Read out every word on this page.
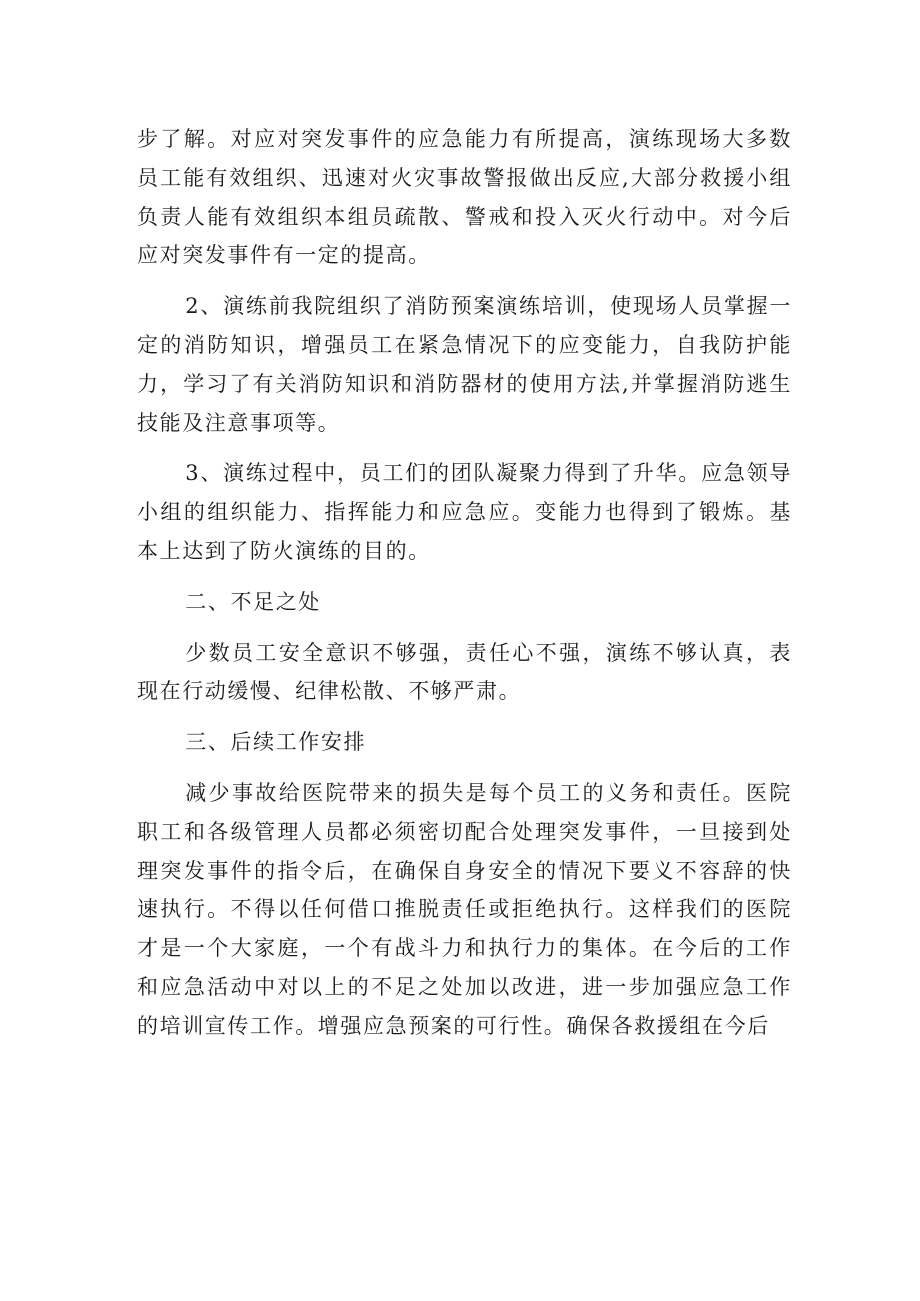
步了解。对应对突发事件的应急能力有所提高，演练现场大多数员工能有效组织、迅速对火灾事故警报做出反应,大部分救援小组负责人能有效组织本组员疏散、警戒和投入灭火行动中。对今后应对突发事件有一定的提高。

2、演练前我院组织了消防预案演练培训，使现场人员掌握一定的消防知识，增强员工在紧急情况下的应变能力，自我防护能力，学习了有关消防知识和消防器材的使用方法,并掌握消防逃生技能及注意事项等。

3、演练过程中，员工们的团队凝聚力得到了升华。应急领导小组的组织能力、指挥能力和应急应。变能力也得到了锻炼。基本上达到了防火演练的目的。

二、不足之处

少数员工安全意识不够强，责任心不强，演练不够认真，表现在行动缓慢、纪律松散、不够严肃。

三、后续工作安排

减少事故给医院带来的损失是每个员工的义务和责任。医院职工和各级管理人员都必须密切配合处理突发事件，一旦接到处理突发事件的指令后，在确保自身安全的情况下要义不容辞的快速执行。不得以任何借口推脱责任或拒绝执行。这样我们的医院才是一个大家庭，一个有战斗力和执行力的集体。在今后的工作和应急活动中对以上的不足之处加以改进，进一步加强应急工作的培训宣传工作。增强应急预案的可行性。确保各救援组在今后
